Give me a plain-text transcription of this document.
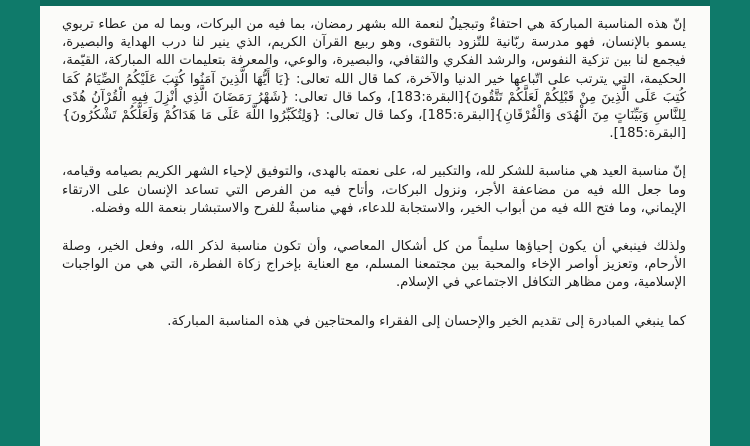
إنّ هذه المناسبة المباركة هي احتفاءٌ وتبجيلٌ لنعمة الله بشهر رمضان، بما فيه من البركات، وبما له من عطاء تربوي يسمو بالإنسان، فهو مدرسة ربّانية للتّزود بالتقوى، وهو ربيع القرآن الكريم، الذي ينير لنا درب الهداية والبصيرة، فيجمع لنا بين تزكية النفوس، والرشد الفكري والثقافي، والبصيرة، والوعي، والمعرفة بتعليمات الله المباركة، القيّمة، الحكيمة، التي يترتب على اتّباعها خير الدنيا والآخرة، كما قال الله تعالى: {يَا أَيُّهَا الَّذِينَ آمَنُوا كُتِبَ عَلَيْكُمُ الصِّيَامُ كَمَا كُتِبَ عَلَى الَّذِينَ مِنْ قَبْلِكُمْ لَعَلَّكُمْ تَتَّقُونَ}[البقرة:183]، وكما قال تعالى: {شَهْرُ رَمَضَانَ الَّذِي أُنْزِلَ فِيهِ الْقُرْآنُ هُدًى لِلنَّاسِ وَبَيِّنَاتٍ مِنَ الْهُدَى وَالْفُرْقَانِ}[البقرة:185]، وكما قال تعالى: {وَلِتُكَبِّرُوا اللَّهَ عَلَى مَا هَدَاكُمْ وَلَعَلَّكُمْ تَشْكُرُونَ}[البقرة:185].

إنّ مناسبة العيد هي مناسبة للشكر لله، والتكبير له، على نعمته بالهدى، والتوفيق لإحياء الشهر الكريم بصيامه وقيامه، وما جعل الله فيه من مضاعفة الأجر، ونزول البركات، وأتاح فيه من الفرص التي تساعد الإنسان على الارتقاء الإيماني، وما فتح الله فيه من أبواب الخير، والاستجابة للدعاء، فهي مناسبةٌ للفرح والاستبشار بنعمة الله وفضله.

ولذلك فينبغي أن يكون إحياؤها سليماً من كل أشكال المعاصي، وأن تكون مناسبة لذكر الله، وفعل الخير، وصلة الأرحام، وتعزيز أواصر الإخاء والمحبة بين مجتمعنا المسلم، مع العناية بإخراج زكاة الفطرة، التي هي من الواجبات الإسلامية، ومن مظاهر التكافل الاجتماعي في الإسلام.

كما ينبغي المبادرة إلى تقديم الخير والإحسان إلى الفقراء والمحتاجين في هذه المناسبة المباركة.
